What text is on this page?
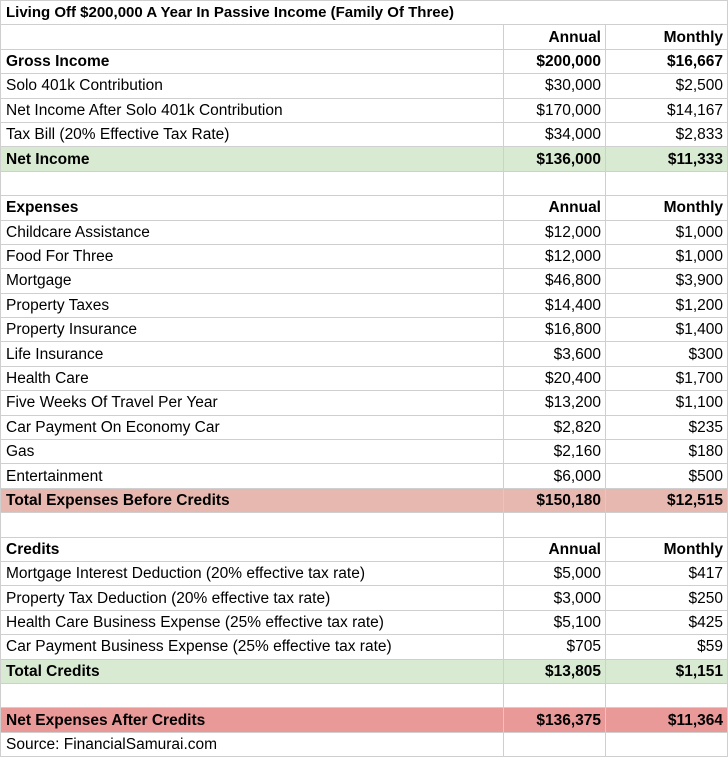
Living Off $200,000 A Year In Passive Income (Family Of Three)		
	Annual	Monthly
Gross Income	$200,000	$16,667
Solo 401k Contribution	$30,000	$2,500
Net Income After Solo 401k Contribution	$170,000	$14,167
Tax Bill (20% Effective Tax Rate)	$34,000	$2,833
Net Income	$136,000	$11,333

Expenses	Annual	Monthly
Childcare Assistance	$12,000	$1,000
Food For Three	$12,000	$1,000
Mortgage	$46,800	$3,900
Property Taxes	$14,400	$1,200
Property Insurance	$16,800	$1,400
Life Insurance	$3,600	$300
Health Care	$20,400	$1,700
Five Weeks Of Travel Per Year	$13,200	$1,100
Car Payment On Economy Car	$2,820	$235
Gas	$2,160	$180
Entertainment	$6,000	$500
Total Expenses Before Credits	$150,180	$12,515

Credits	Annual	Monthly
Mortgage Interest Deduction (20% effective tax rate)	$5,000	$417
Property Tax Deduction (20% effective tax rate)	$3,000	$250
Health Care Business Expense (25% effective tax rate)	$5,100	$425
Car Payment Business Expense (25% effective tax rate)	$705	$59
Total Credits	$13,805	$1,151

Net Expenses After Credits	$136,375	$11,364
Source: FinancialSamurai.com		
